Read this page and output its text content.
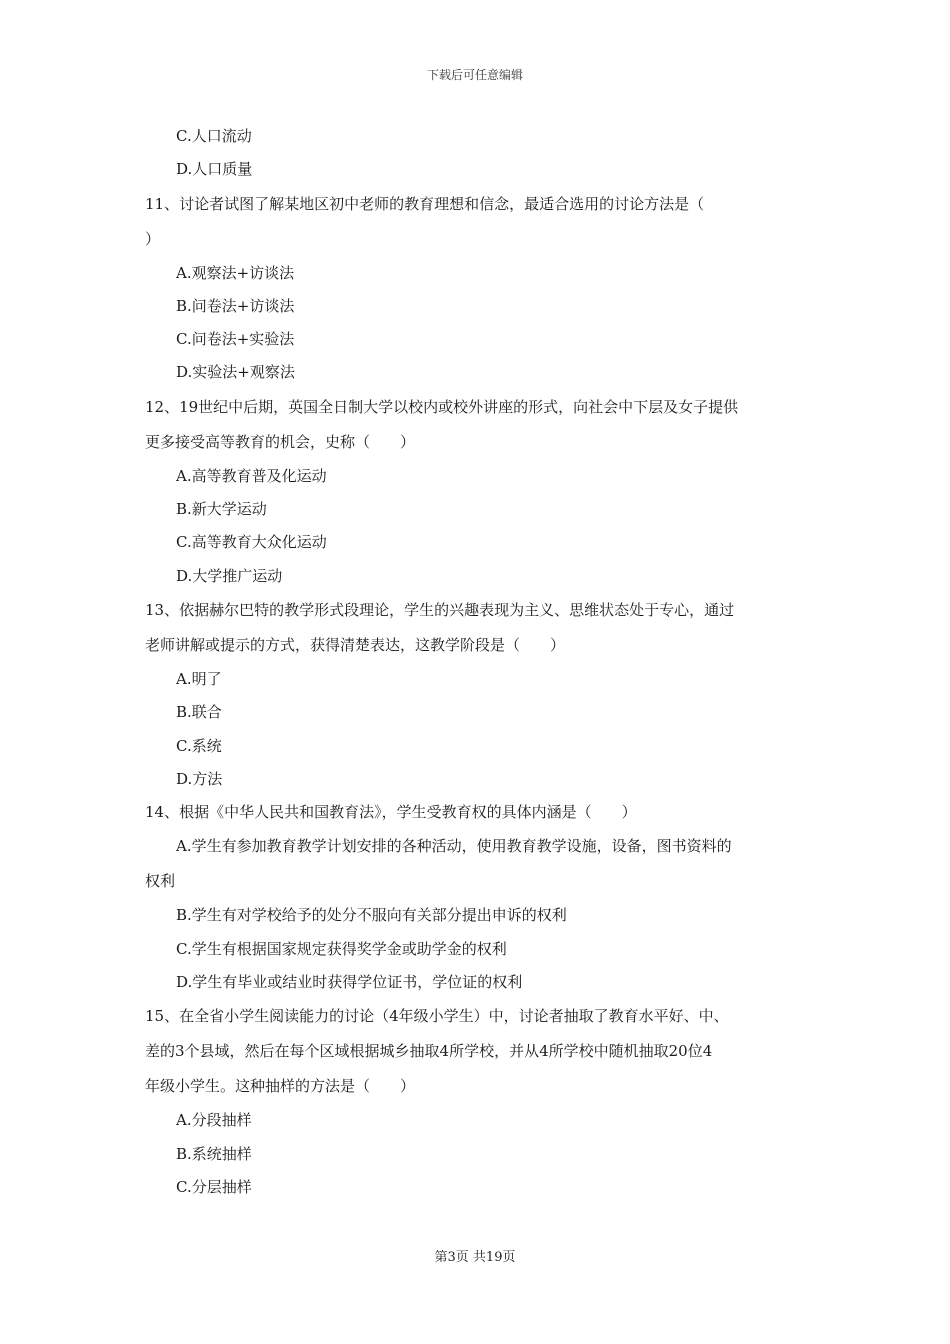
下载后可任意编辑
C.人口流动
D.人口质量
11、讨论者试图了解某地区初中老师的教育理想和信念，最适合选用的讨论方法是（
）
A.观察法+访谈法
B.问卷法+访谈法
C.问卷法+实验法
D.实验法+观察法
12、19世纪中后期，英国全日制大学以校内或校外讲座的形式，向社会中下层及女子提供
更多接受高等教育的机会，史称（　　）
A.高等教育普及化运动
B.新大学运动
C.高等教育大众化运动
D.大学推广运动
13、依据赫尔巴特的教学形式段理论，学生的兴趣表现为主义、思维状态处于专心，通过
老师讲解或提示的方式，获得清楚表达，这教学阶段是（　　）
A.明了
B.联合
C.系统
D.方法
14、根据《中华人民共和国教育法》，学生受教育权的具体内涵是（　　）
A.学生有参加教育教学计划安排的各种活动，使用教育教学设施，设备，图书资料的
权利
B.学生有对学校给予的处分不服向有关部分提出申诉的权利
C.学生有根据国家规定获得奖学金或助学金的权利
D.学生有毕业或结业时获得学位证书，学位证的权利
15、在全省小学生阅读能力的讨论（4年级小学生）中，讨论者抽取了教育水平好、中、
差的3个县域，然后在每个区域根据城乡抽取4所学校，并从4所学校中随机抽取20位4
年级小学生。这种抽样的方法是（　　）
A.分段抽样
B.系统抽样
C.分层抽样
第3页 共19页
